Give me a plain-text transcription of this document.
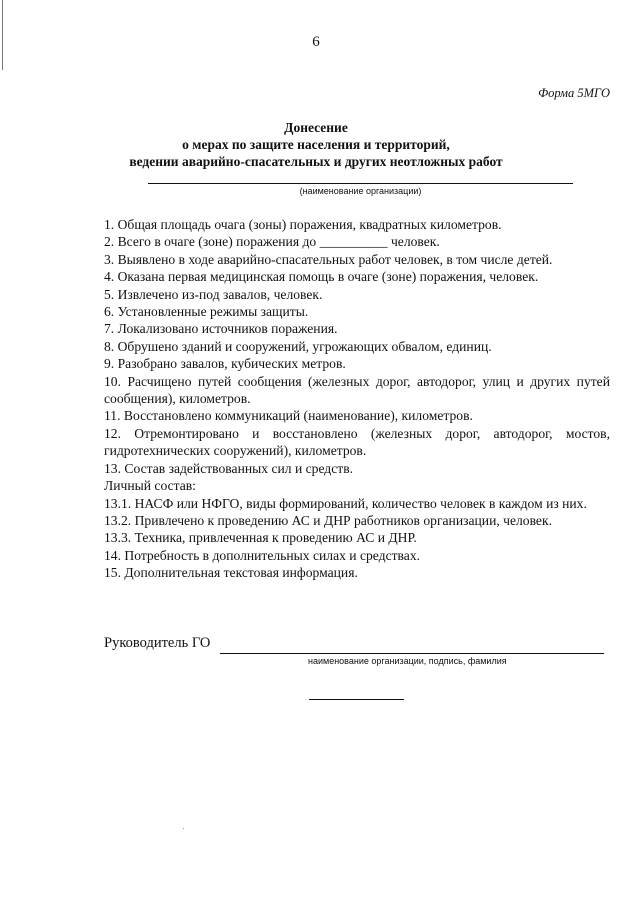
6
Форма 5МГО
Донесение
о мерах по защите населения и территорий,
ведении аварийно-спасательных и других неотложных работ
(наименование организации)
1. Общая площадь очага (зоны) поражения, квадратных километров.
2. Всего в очаге (зоне) поражения до __________ человек.
3. Выявлено в ходе аварийно-спасательных работ человек, в том числе детей.
4. Оказана первая медицинская помощь в очаге (зоне) поражения, человек.
5. Извлечено из-под завалов, человек.
6. Установленные режимы защиты.
7. Локализовано источников поражения.
8. Обрушено зданий и сооружений, угрожающих обвалом, единиц.
9. Разобрано завалов, кубических метров.
10. Расчищено путей сообщения (железных дорог, автодорог, улиц и других путей сообщения), километров.
11. Восстановлено коммуникаций (наименование), километров.
12. Отремонтировано и восстановлено (железных дорог, автодорог, мостов, гидротехнических сооружений), километров.
13. Состав задействованных сил и средств.
Личный состав:
13.1. НАСФ или НФГО, виды формирований, количество человек в каждом из них.
13.2. Привлечено к проведению АС и ДНР работников организации, человек.
13.3. Техника, привлеченная к проведению АС и ДНР.
14. Потребность в дополнительных силах и средствах.
15. Дополнительная текстовая информация.
Руководитель ГО
наименование организации, подпись, фамилия
